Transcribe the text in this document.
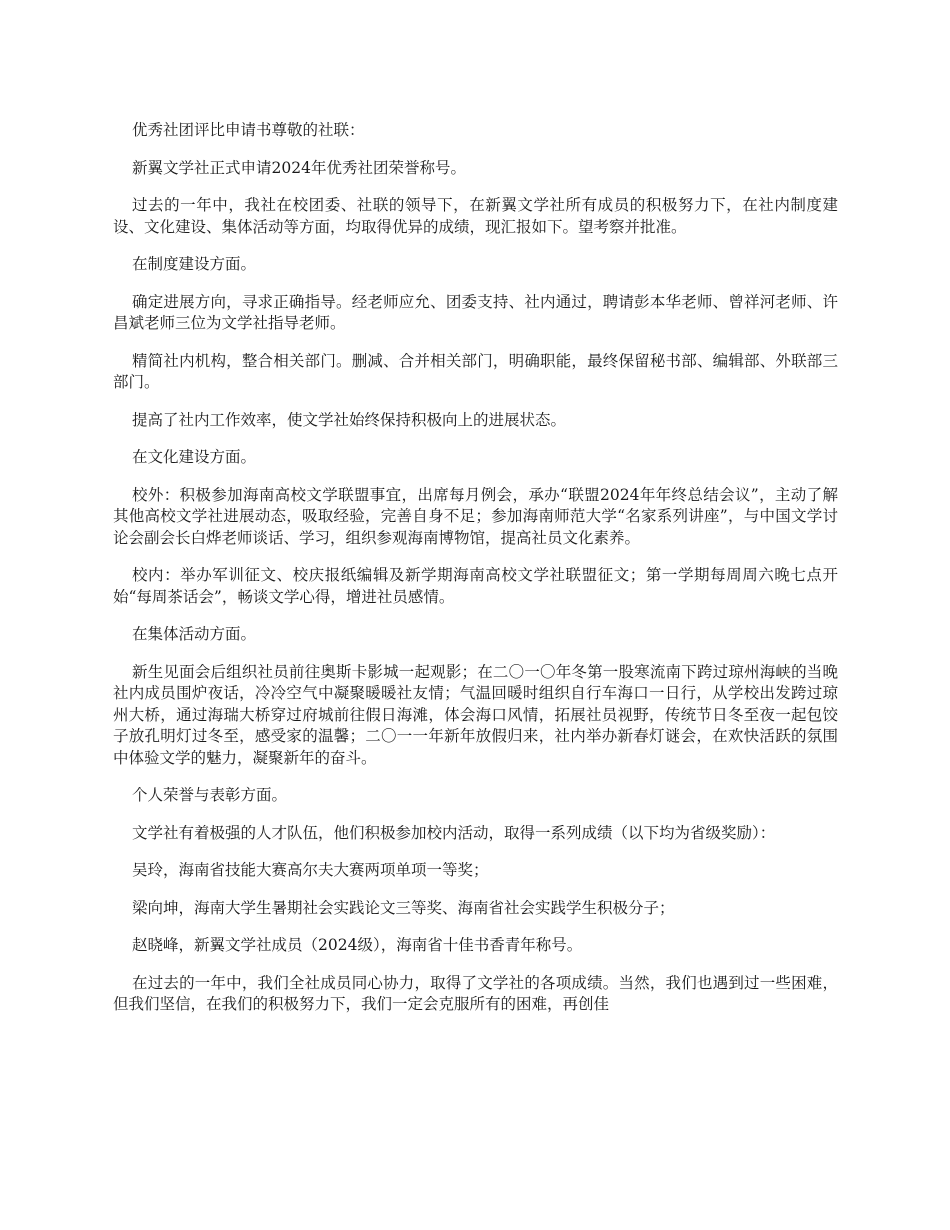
优秀社团评比申请书尊敬的社联：

新翼文学社正式申请2024年优秀社团荣誉称号。

过去的一年中，我社在校团委、社联的领导下，在新翼文学社所有成员的积极努力下，在社内制度建设、文化建设、集体活动等方面，均取得优异的成绩，现汇报如下。望考察并批准。

在制度建设方面。

确定进展方向，寻求正确指导。经老师应允、团委支持、社内通过，聘请彭本华老师、曾祥河老师、许昌斌老师三位为文学社指导老师。

精简社内机构，整合相关部门。删减、合并相关部门，明确职能，最终保留秘书部、编辑部、外联部三部门。

提高了社内工作效率，使文学社始终保持积极向上的进展状态。

在文化建设方面。

校外：积极参加海南高校文学联盟事宜，出席每月例会，承办“联盟2024年年终总结会议”，主动了解其他高校文学社进展动态，吸取经验，完善自身不足；参加海南师范大学“名家系列讲座”，与中国文学讨论会副会长白烨老师谈话、学习，组织参观海南博物馆，提高社员文化素养。

校内：举办军训征文、校庆报纸编辑及新学期海南高校文学社联盟征文；第一学期每周周六晚七点开始“每周茶话会”，畅谈文学心得，增进社员感情。

在集体活动方面。

新生见面会后组织社员前往奥斯卡影城一起观影；在二〇一〇年冬第一股寒流南下跨过琼州海峡的当晚社内成员围炉夜话，冷冷空气中凝聚暖暖社友情；气温回暖时组织自行车海口一日行，从学校出发跨过琼州大桥，通过海瑞大桥穿过府城前往假日海滩，体会海口风情，拓展社员视野，传统节日冬至夜一起包饺子放孔明灯过冬至，感受家的温馨；二〇一一年新年放假归来，社内举办新春灯谜会，在欢快活跃的氛围中体验文学的魅力，凝聚新年的奋斗。

个人荣誉与表彰方面。

文学社有着极强的人才队伍，他们积极参加校内活动，取得一系列成绩（以下均为省级奖励）：

吴玲，海南省技能大赛高尔夫大赛两项单项一等奖；

梁向坤，海南大学生暑期社会实践论文三等奖、海南省社会实践学生积极分子；

赵晓峰，新翼文学社成员（2024级），海南省十佳书香青年称号。

在过去的一年中，我们全社成员同心协力，取得了文学社的各项成绩。当然，我们也遇到过一些困难，但我们坚信，在我们的积极努力下，我们一定会克服所有的困难，再创佳
